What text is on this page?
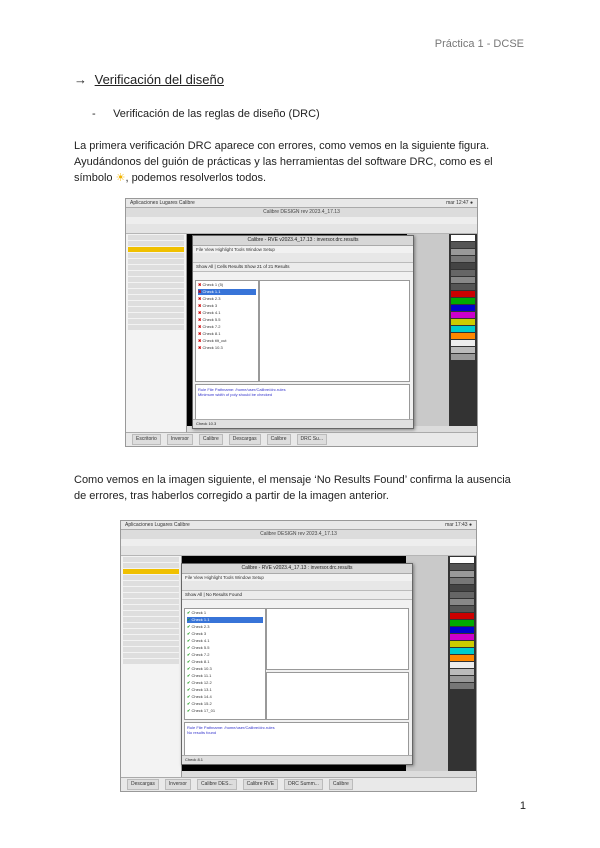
Práctica 1 - DCSE
→ Verificación del diseño
- Verificación de las reglas de diseño (DRC)
La primera verificación DRC aparece con errores, como vemos en la siguiente figura.
Ayudándonos del guión de prácticas y las herramientas del software DRC, como es el
símbolo ☀, podemos resolverlos todos.
Aplicaciones Lugares Calibre	mar 12:47 ●
Calibre DESIGN rev 2023.4_17.13
Escritorio	Inversor	Calibre	Descargas	Calibre	DRC Su...
Calibre - RVE v2023.4_17.13 : inversor.drc.results
File View Highlight Tools Window Setup
Show All | Cells Results Show 21 of 21 Results
✖ Check 1 (5)
✖ Check 1.1
✖ Check 2.3
✖ Check 3
✖ Check 4.1
✖ Check 5.5
✖ Check 7.2
✖ Check 8.1
✖ Check tilt_cut
✖ Check 10.3
Rule File Pathname: /home/user/Calibre/drc.rules
Minimum width of poly should be checked
Check 10.3
Como vemos en la imagen siguiente, el mensaje ‘No Results Found’ confirma la ausencia
de errores, tras haberlos corregido a partir de la imagen anterior.
Aplicaciones Lugares Calibre	mar 17:43 ●
Calibre DESIGN rev 2023.4_17.13
Descargas	Inversor	Calibre DES...	Calibre RVE	DRC Summ...	Calibre
Calibre - RVE v2023.4_17.13 : inversor.drc.results
File View Highlight Tools Window Setup
Show All | No Results Found
✔ Check 1
✔ Check 1.1
✔ Check 2.3
✔ Check 3
✔ Check 4.1
✔ Check 5.5
✔ Check 7.2
✔ Check 8.1
✔ Check 10.3
✔ Check 11.1
✔ Check 12.2
✔ Check 13.1
✔ Check 14.4
✔ Check 15.2
✔ Check 17_01
Rule File Pathname: /home/user/Calibre/drc.rules
No results found
Check 8.1
1
